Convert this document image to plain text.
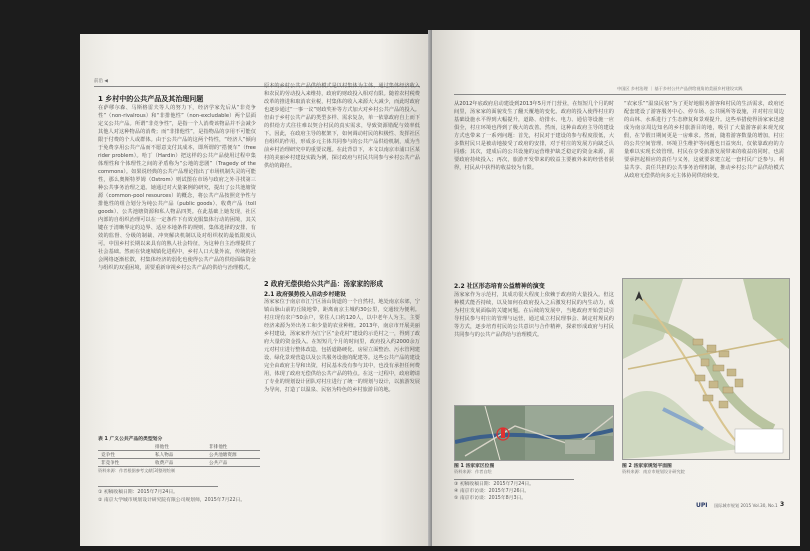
前沿 ◀
1 乡村中的公共产品及其治理问题
在萨缪尔森、马斯格雷夫等人的努力下，经济学家先后从“非竞争性”（non-rivalrous）和“非排他性”（non-excludable）两个层面定义公共产品。所谓“非竞争性”，是指一个人消费该物品并不会减少其他人对这种物品的消费；而“非排他性”，是指物品的享用不可能仅限于付费的个人或群体。由于公共产品的这两个特性，“经济人”倾向于免费享用公共产品而不愿意支付其成本，即所谓的“搭便车”（free rider problem）。哈丁（Hardin）把这样的公共产品使用过程中集体理性和个体理性之间的矛盾称为“公地的悲剧”（Tragedy of the commons）。如果说经典的公共产品理论指出了市场机制失灵的可能性，那么奥斯特罗姆（Ostrom）则试图在市场与政府之外寻找第三种公共事务治理之道。她通过对大量案例的研究，提出了公共池塘资源（common-pool resources）的概念，将公共产品按照竞争性与排他性的组合划分为纯公共产品（public goods）、收费产品（toll goods）、公共池塘资源和私人物品四类。在此基础上她发现，社区内部的自组织治理可以在一定条件下有效克服集体行动的困境，其关键在于清晰界定的边界、适应本地条件的规则、集体选择的安排、有效的监督、分级的制裁、冲突解决机制以及对组织权的最低限度认可。中国乡村长期以来具有的熟人社会特征，为这种自主治理提供了社会基础。然而在快速城镇化进程中，乡村人口大量外流，传统的社会网络逐渐松散，村集体经济的弱化也使得公共产品的供给面临资金与组织的双重困境，需要重新审视乡村公共产品的供给与治理模式。
表 1 广义公共产品的类型划分
	排他性	非排他性
竞争性	私人物品	公共池塘资源
非竞争性	收费产品	公共产品
资料来源：作者根据参考文献[3]整理绘制
原本的乡村公共产品供给模式是以村集体为主体，通过集体经济收入和农民的劳动投入来维持，政府的财政投入相对有限。随着农村税费改革的推进和取消农业税，村集体的收入来源大大减少，而此时政府也逐步通过“一事一议”财政奖补等方式加大对乡村公共产品的投入。但由于乡村公共产品的类型多样、需求复杂，单一依靠政府自上而下的供给方式往往难以契合村民的真实需求，导致资源错配与效率低下。因此，在政府主导的框架下，如何调动村民的积极性、发挥社区自组织的作用，形成多元主体共同参与的公共产品供给机制，成为当前乡村治理研究中的重要议题。在此背景下，本文以南京市浦口区某村的美丽乡村建设实践为例，探讨政府与村民共同参与乡村公共产品供给的路径。
2 政府无偿供给公共产品：汤家家的形成
2.1 政府强势投入启动乡村建设
汤家家位于南京市江宁区汤山街道的一个自然村，地处南京东郊，宁镇山脉山前的丘陵地带，距离南京主城约30公里，交通较为便利。村庄现有农户50余户，常住人口约120人，以中老年人为主，主要经济来源为外出务工和少量的农业种植。2013年，南京市开展美丽乡村建设，汤家家作为江宁区“金花村”建设的示范村之一，得到了政府大量的资金投入。在短短几个月的时间里，政府投入约2000余万元对村庄进行整体改造，包括道路硬化、房屋立面整治、污水管网建设、绿化景观营造以及公共服务设施的配建等。这些公共产品的建设完全由政府主导和出资，村民基本没有参与其中，也没有承担任何费用，体现了政府无偿供给公共产品的特点。在这一过程中，政府聘请了专业的规划设计团队对村庄进行了统一的规划与设计，以旅游发展为导向，打造了以温泉、民宿为特色的乡村旅游目的地。
① 初稿收稿日期：2015年7月24日。
② 南京大学城市规划设计研究院有限公司规划师，2015年7月22日。
中国区 乡村治理 ｜ 基于乡村公共产品供给视角的美丽乡村建设实践
从2012年底政府启动建设到2013年5月开门营业，在短短几个月的时间里，汤家家的面貌发生了翻天覆地的变化。政府的投入使得村庄的基础设施水平得到大幅提升，道路、给排水、电力、通信等设施一应俱全，村庄环境也得到了极大的改善。然而，这种由政府主导的建设方式也带来了一系列问题：首先，村民对于建设的参与程度很低，大多数村民只是被动地接受了政府的安排，对于村庄的发展方向缺乏认同感；其次，建成后的公共设施的运营维护缺乏稳定的资金来源，需要政府持续投入；再次，旅游开发带来的收益主要被外来的经营者获得，村民从中获得的收益较为有限。
2.2 社区形态培育公益精神的演变
汤家家作为示范村，其成功很大程度上依赖于政府的大量投入。但这种模式能否持续，以及如何在政府投入之后激发村民的内生动力，成为村庄发展面临的关键问题。在后续的发展中，当地政府开始尝试引导村民参与村庄的管理与运营，通过成立村民理事会、制定村规民约等方式，逐步培育村民的公共意识与合作精神，探索形成政府与村民共同参与的公共产品供给与治理模式。
“农家乐”“温泉民宿”为了更好地服务游客和村民的生活需求，政府还配套建设了游客服务中心、停车场、公共厕所等设施，并对村庄周边的山林、水系进行了生态修复和景观提升。这些举措使得汤家家迅速成为南京周边知名的乡村旅游目的地，吸引了大量游客前来观光度假，在节假日期间更是一房难求。然而，随着游客数量的增加，村庄的公共空间管理、环境卫生维护等问题也日益突出，仅依靠政府的力量难以实现长效管理。村民在享受旅游发展带来的收益的同时，也需要承担起相应的责任与义务，这就要求建立起一套村民广泛参与、利益共享、责任共担的公共事务治理机制，推动乡村公共产品供给模式从政府无偿供给向多元主体协同供给转变。
图 1 汤家家区位图
资料来源：作者自绘
图 2 汤家家规划平面图
资料来源：南京市规划设计研究院
③ 初稿收稿日期：2015年7月24日。
④ 南京市访谈：2015年7月26日。
⑤ 南京市访谈：2015年8月3日。
UPI 国际城市规划 2015 Vol.30, No.1 3
